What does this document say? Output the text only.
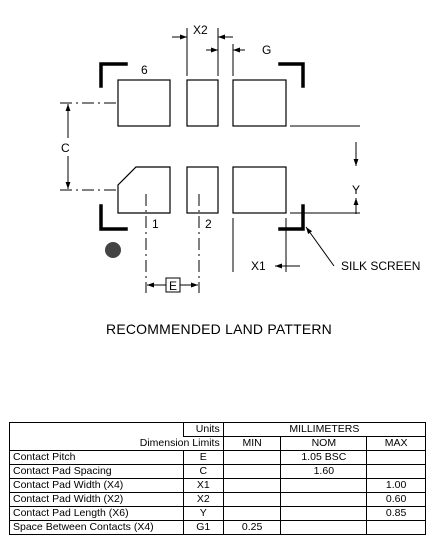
X2
G
6
C
Y
1	2
X1	SILK SCREEN
E
RECOMMENDED LAND PATTERN
	Units	MILLIMETERS		
Dimension Limits		MIN	NOM	MAX
Contact Pitch	E		1.05 BSC	
Contact Pad Spacing	C		1.60	
Contact Pad Width (X4)	X1			1.00
Contact Pad Width (X2)	X2			0.60
Contact Pad Length (X6)	Y			0.85
Space Between Contacts (X4)	G1	0.25		
